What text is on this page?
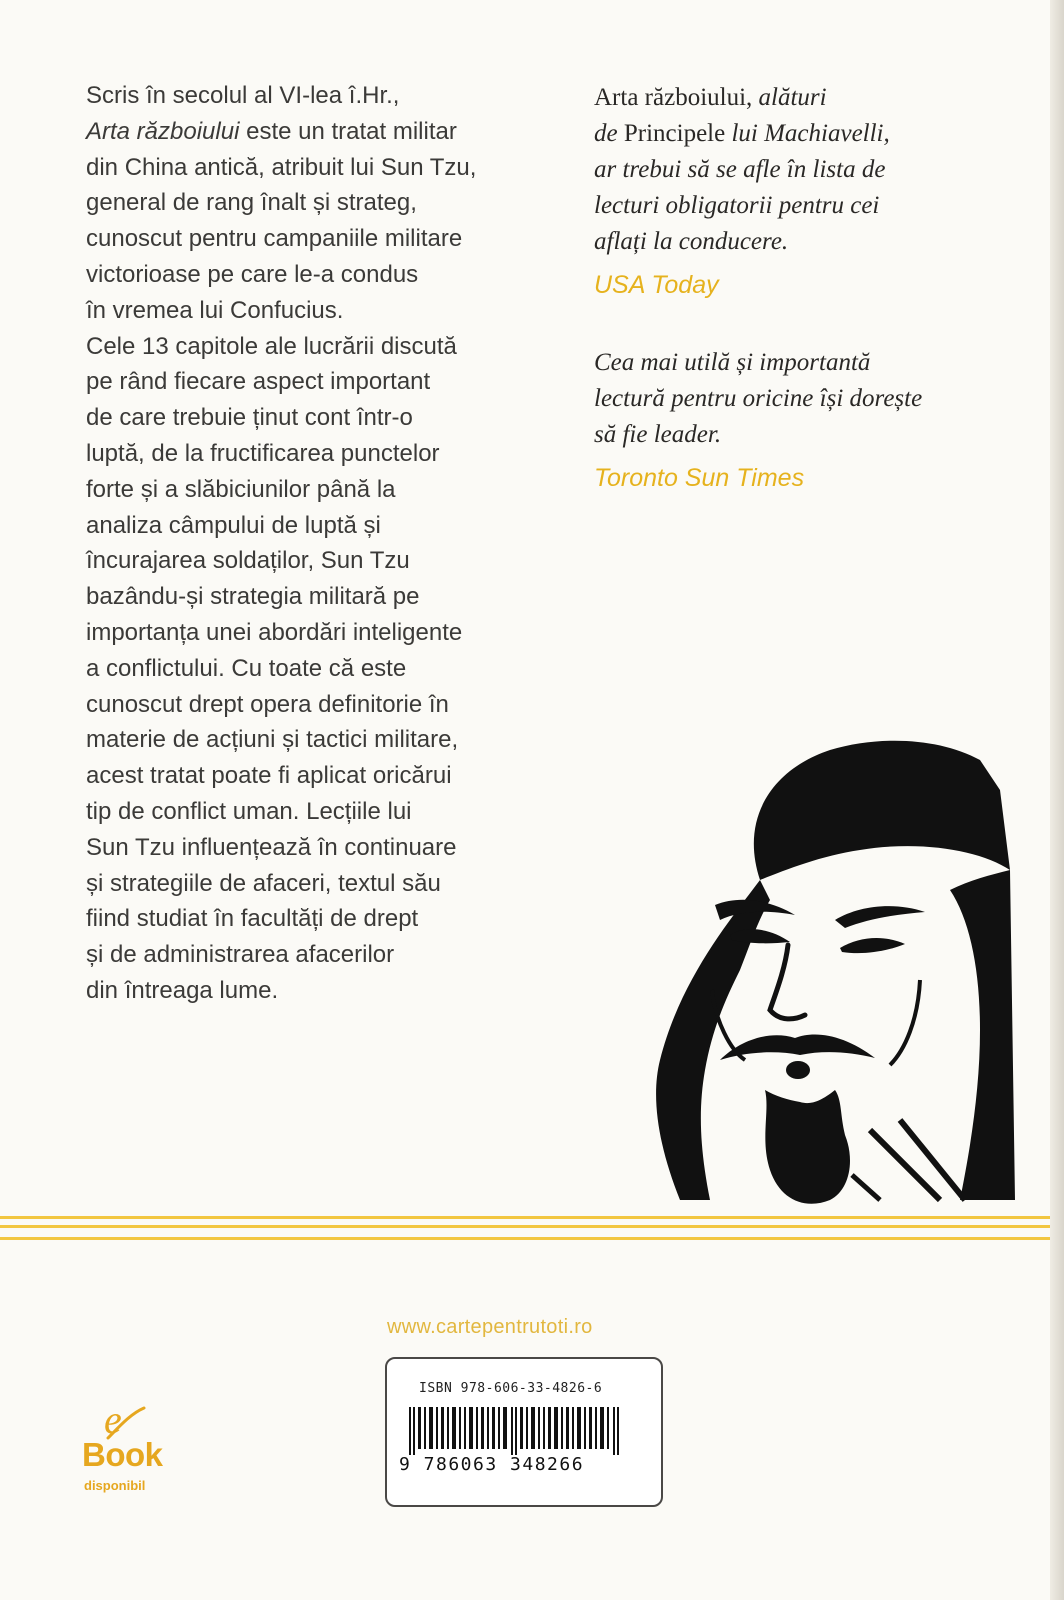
Scris în secolul al VI-lea î.Hr.,

Arta războiului este un tratat militar

din China antică, atribuit lui Sun Tzu,

general de rang înalt și strateg,

cunoscut pentru campaniile militare

victorioase pe care le-a condus

în vremea lui Confucius.

Cele 13 capitole ale lucrării discută

pe rând fiecare aspect important

de care trebuie ținut cont într-o

luptă, de la fructificarea punctelor

forte și a slăbiciunilor până la

analiza câmpului de luptă și

încurajarea soldaților, Sun Tzu

bazându-și strategia militară pe

importanța unei abordări inteligente

a conflictului. Cu toate că este

cunoscut drept opera definitorie în

materie de acțiuni și tactici militare,

acest tratat poate fi aplicat oricărui

tip de conflict uman. Lecțiile lui

Sun Tzu influențează în continuare

și strategiile de afaceri, textul său

fiind studiat în facultăți de drept

și de administrarea afacerilor

din întreaga lume.

Arta războiului, alături

de Principele lui Machiavelli,

ar trebui să se afle în lista de

lecturi obligatorii pentru cei

aflați la conducere.

USA Today

Cea mai utilă și importantă

lectură pentru oricine își dorește

să fie leader.

Toronto Sun Times
www.cartepentrutoti.ro
ISBN 978-606-33-4826-6
9 786063 348266
e
Book
disponibil
